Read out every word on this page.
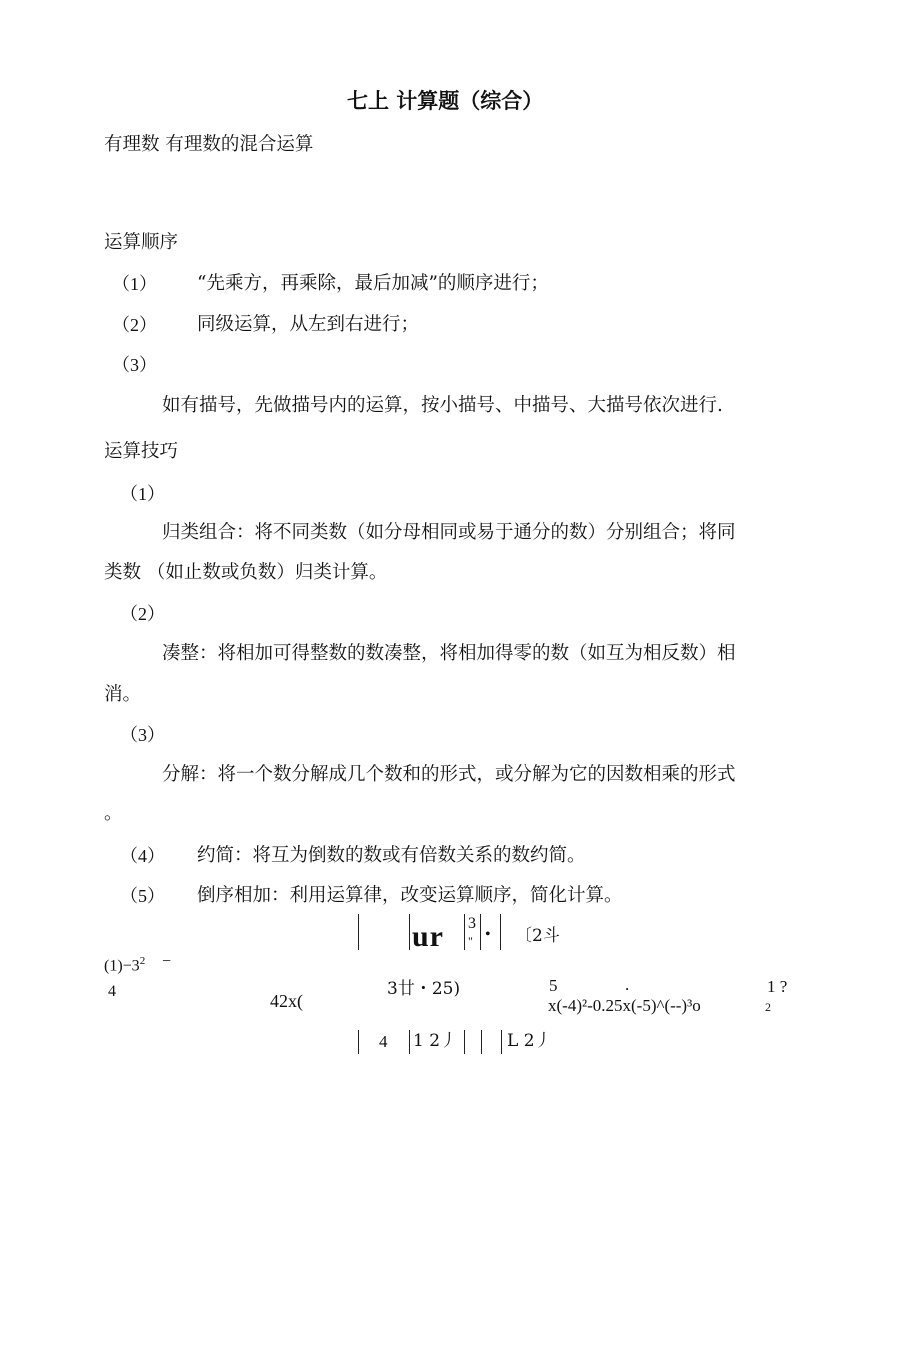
七上 计算题（综合）
有理数 有理数的混合运算
运算顺序
（1） “先乘方，再乘除，最后加减”的顺序进行；
（2） 同级运算，从左到右进行；
（3）
如有描号，先做描号内的运算，按小描号、中描号、大描号依次进行.
运算技巧
（1）
归类组合：将不同类数（如分母相同或易于通分的数）分别组合；将同
类数 （如止数或负数）归类计算。
（2）
凑整：将相加可得整数的数凑整，将相加得零的数（如互为相反数）相
消。
（3）
分解：将一个数分解成几个数和的形式，或分解为它的因数相乘的形式
。
（4） 约简：将互为倒数的数或有倍数关系的数约简。
（5） 倒序相加：利用运算律，改变运算顺序，简化计算。
ur 3
" • 〔2斗
$(1)-3^2$ −
4	42x(
3廿・25)	5	.
x(-4)²-0.25x(-5)^(--)³o
1 ?
2
4 1 2丿	L 2丿
